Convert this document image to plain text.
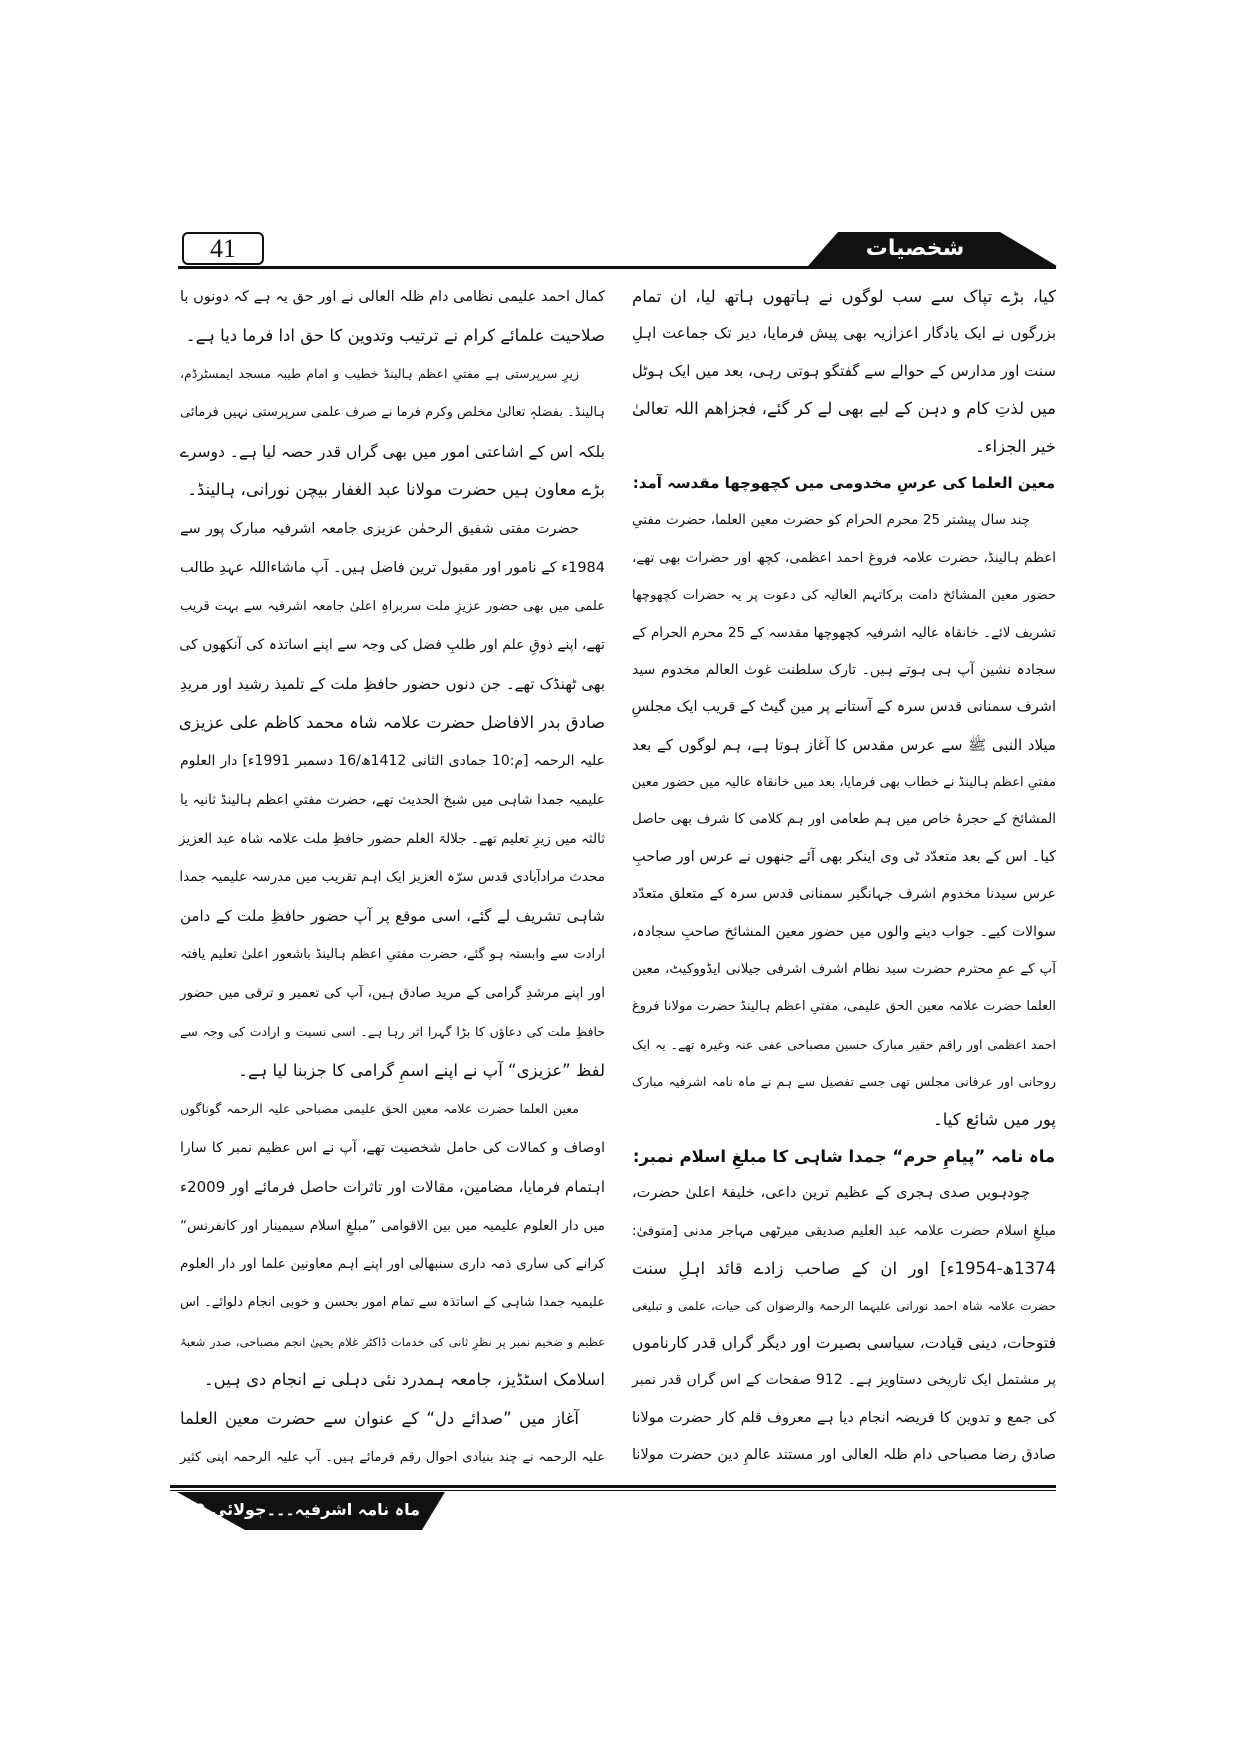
41	شخصیات
کیا، بڑے تپاک سے سب لوگوں نے ہاتھوں ہاتھ لیا، ان تمام
بزرگوں نے ایک یادگار اعزازیہ بھی پیش فرمایا، دیر تک جماعت اہلِ
سنت اور مدارس کے حوالے سے گفتگو ہوتی رہی، بعد میں ایک ہوٹل
میں لذتِ کام و دہن کے لیے بھی لے کر گئے، فجزاھم اللہ تعالیٰ
خیر الجزاء۔
معین العلما کی عرسِ مخدومی میں کچھوچھا مقدسہ آمد:
چند سال پیشتر 25 محرم الحرام کو حضرت معین العلما، حضرت مفتیِ
اعظم ہالینڈ، حضرت علامہ فروغ احمد اعظمی، کچھ اور حضرات بھی تھے،
حضور معین المشائخ دامت برکاتہم العالیہ کی دعوت پر یہ حضرات کچھوچھا
تشریف لائے۔ خانقاہ عالیہ اشرفیہ کچھوچھا مقدسہ کے 25 محرم الحرام کے
سجادہ نشین آپ ہی ہوتے ہیں۔ تارک سلطنت غوث العالم مخدوم سید
اشرف سمنانی قدس سرہ کے آستانے پر مین گیٹ کے قریب ایک مجلسِ
میلاد النبی ﷺ سے عرس مقدس کا آغاز ہوتا ہے، ہم لوگوں کے بعد
مفتیِ اعظم ہالینڈ نے خطاب بھی فرمایا، بعد میں خانقاہ عالیہ میں حضور معین
المشائخ کے حجرۂ خاص میں ہم طعامی اور ہم کلامی کا شرف بھی حاصل
کیا۔ اس کے بعد متعدّد ٹی وی اینکر بھی آئے جنھوں نے عرس اور صاحبِ
عرس سیدنا مخدوم اشرف جہانگیر سمنانی قدس سرہ کے متعلق متعدّد
سوالات کیے۔ جواب دینے والوں میں حضور معین المشائخ صاحبِ سجادہ،
آپ کے عمِ محترم حضرت سید نظام اشرف اشرفی جیلانی ایڈووکیٹ، معین
العلما حضرت علامہ معین الحق علیمی، مفتیِ اعظم ہالینڈ حضرت مولانا فروغ
احمد اعظمی اور راقم حقیر مبارک حسین مصباحی عفی عنہ وغیرہ تھے۔ یہ ایک
روحانی اور عرفانی مجلس تھی جسے تفصیل سے ہم نے ماہ نامہ اشرفیہ مبارک
پور میں شائع کیا۔
ماہ نامہ ”پیامِ حرم“ جمدا شاہی کا مبلغِ اسلام نمبر:
چودہویں صدی ہجری کے عظیم ترین داعی، خلیفۂ اعلیٰ حضرت،
مبلغِ اسلام حضرت علامہ عبد العلیم صدیقی میرٹھی مہاجر مدنی [متوفیٰ:
1374ھ-1954ء] اور ان کے صاحب زادے قائد اہلِ سنت
حضرت علامہ شاہ احمد نورانی علیہما الرحمۃ والرضوان کی حیات، علمی و تبلیغی
فتوحات، دینی قیادت، سیاسی بصیرت اور دیگر گراں قدر کارناموں
پر مشتمل ایک تاریخی دستاویز ہے۔ 912 صفحات کے اس گراں قدر نمبر
کی جمع و تدوین کا فریضہ انجام دیا ہے معروف قلم کار حضرت مولانا
صادق رضا مصباحی دام ظلہ العالی اور مستند عالمِ دین حضرت مولانا
کمال احمد علیمی نظامی دام ظلہ العالی نے اور حق یہ ہے کہ دونوں با
صلاحیت علمائے کرام نے ترتیب وتدوین کا حق ادا فرما دیا ہے۔
زیرِ سرپرستی ہے مفتیِ اعظم ہالینڈ خطیب و امام طیبہ مسجد ایمسٹرڈم،
ہالینڈ۔ بفضلہٖ تعالیٰ مخلص وکرم فرما نے صرف علمی سرپرستی نہیں فرمائی
بلکہ اس کے اشاعتی امور میں بھی گراں قدر حصہ لیا ہے۔ دوسرے
بڑے معاون ہیں حضرت مولانا عبد الغفار بیچن نورانی، ہالینڈ۔
حضرت مفتی شفیق الرحمٰن عزیزی جامعہ اشرفیہ مبارک پور سے
1984ء کے نامور اور مقبول ترین فاضل ہیں۔ آپ ماشاءاللہ عہدِ طالب
علمی میں بھی حضور عزیزِ ملت سربراہِ اعلیٰ جامعہ اشرفیہ سے بہت قریب
تھے، اپنے ذوقِ علم اور طلبِ فضل کی وجہ سے اپنے اساتذہ کی آنکھوں کی
بھی ٹھنڈک تھے۔ جن دنوں حضور حافظِ ملت کے تلمیذ رشید اور مریدِ
صادق بدر الافاضل حضرت علامہ شاہ محمد کاظم علی عزیزی
علیہ الرحمہ [م:10 جمادی الثانی 1412ھ/16 دسمبر 1991ء] دار العلوم
علیمیہ جمدا شاہی میں شیخ الحدیث تھے، حضرت مفتیِ اعظم ہالینڈ ثانیہ یا
ثالثہ میں زیرِ تعلیم تھے۔ جلالۃ العلم حضور حافظِ ملت علامہ شاہ عبد العزیز
محدث مرادآبادی قدس سرّہ العزیز ایک اہم تقریب میں مدرسہ علیمیہ جمدا
شاہی تشریف لے گئے، اسی موقع پر آپ حضور حافظِ ملت کے دامن
ارادت سے وابستہ ہو گئے، حضرت مفتیِ اعظم ہالینڈ باشعور اعلیٰ تعلیم یافتہ
اور اپنے مرشدِ گرامی کے مرید صادق ہیں، آپ کی تعمیر و ترقی میں حضور
حافظِ ملت کی دعاؤں کا بڑا گہرا اثر رہا ہے۔ اسی نسبت و ارادت کی وجہ سے
لفظ ”عزیزی“ آپ نے اپنے اسمِ گرامی کا جزبنا لیا ہے۔
معین العلما حضرت علامہ معین الحق علیمی مصباحی علیہ الرحمہ گوناگوں
اوصاف و کمالات کی حامل شخصیت تھے، آپ نے اس عظیم نمبر کا سارا
اہتمام فرمایا، مضامین، مقالات اور تاثرات حاصل فرمائے اور 2009ء
میں دار العلوم علیمیہ میں بین الاقوامی ”مبلغِ اسلام سیمینار اور کانفرنس“
کرانے کی ساری ذمہ داری سنبھالی اور اپنے اہم معاونین علما اور دار العلوم
علیمیہ جمدا شاہی کے اساتذہ سے تمام امور بحسن و خوبی انجام دلوائے۔ اس
عظیم و ضخیم نمبر پر نظرِ ثانی کی خدمات ڈاکٹر غلام یحییٰ انجم مصباحی، صدر شعبۂ
اسلامک اسٹڈیز، جامعہ ہمدرد نئی دہلی نے انجام دی ہیں۔
آغاز میں ”صدائے دل“ کے عنوان سے حضرت معین العلما
علیہ الرحمہ نے چند بنیادی احوال رقم فرمائے ہیں۔ آپ علیہ الرحمہ اپنی کثیر
ماہ نامہ اشرفیہ۔۔۔جولائی 2020ء
